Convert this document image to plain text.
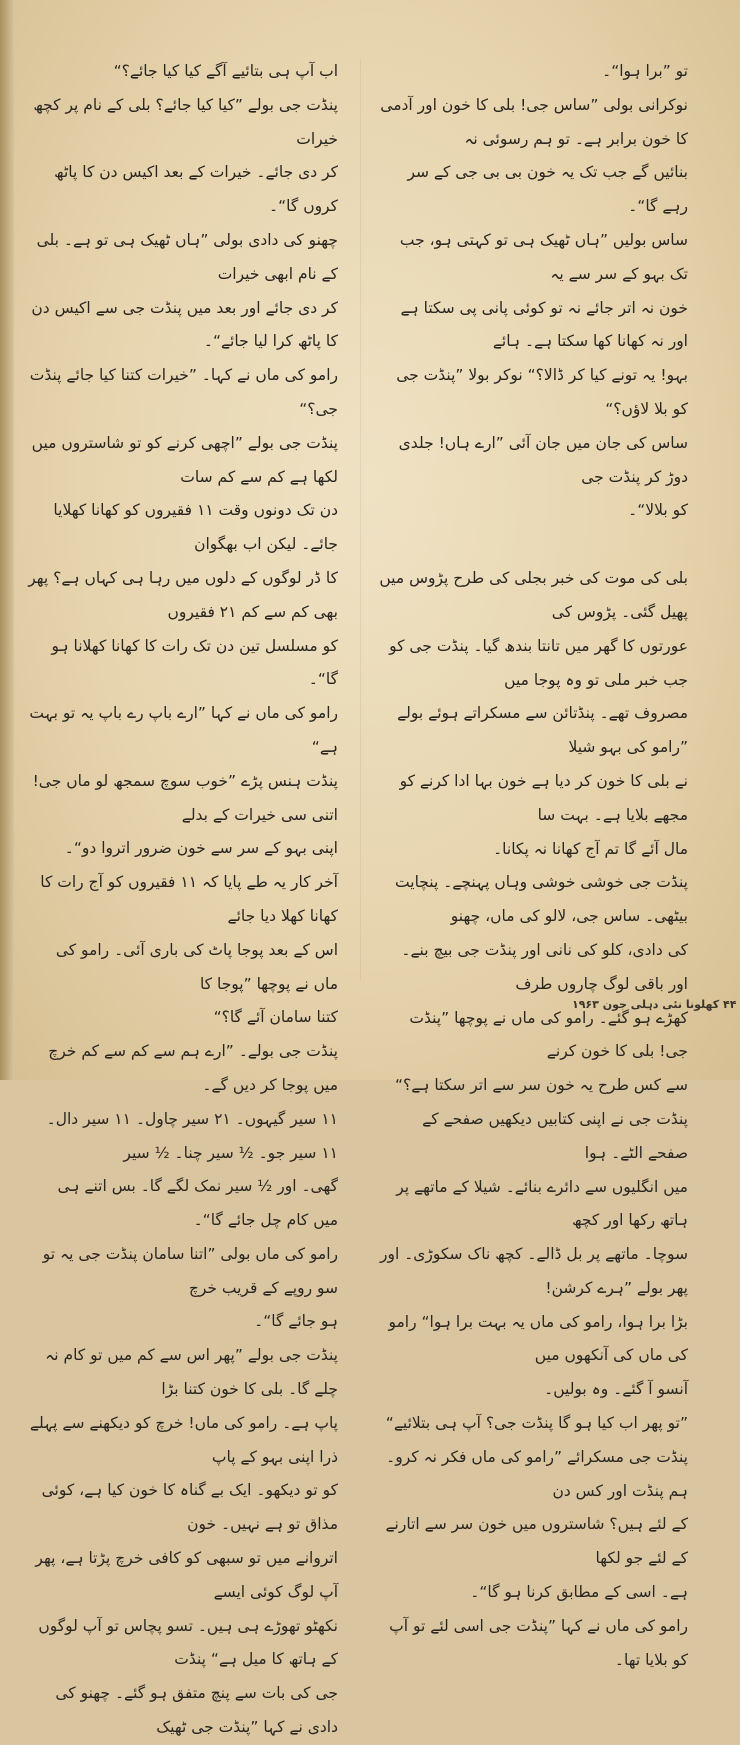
تو ”برا ہوا“۔

نوکرانی بولی ”ساس جی! بلی کا خون اور آدمی کا خون برابر ہے۔ تو ہم رسوئی نہ

بنائیں گے جب تک یہ خون بی بی جی کے سر رہے گا“۔

ساس بولیں ”ہاں ٹھیک ہی تو کہتی ہو، جب تک بہو کے سر سے یہ

خون نہ اتر جائے نہ تو کوئی پانی پی سکتا ہے اور نہ کھانا کھا سکتا ہے۔ ہائے

بہو! یہ تونے کیا کر ڈالا؟“ نوکر بولا ”پنڈت جی کو بلا لاؤں؟“

ساس کی جان میں جان آئی ”ارے ہاں! جلدی دوڑ کر پنڈت جی

کو بلالا“۔

بلی کی موت کی خبر بجلی کی طرح پڑوس میں پھیل گئی۔ پڑوس کی

عورتوں کا گھر میں تانتا بندھ گیا۔ پنڈت جی کو جب خبر ملی تو وہ پوجا میں

مصروف تھے۔ پنڈتائن سے مسکراتے ہوئے بولے ”رامو کی بہو شیلا

نے بلی کا خون کر دیا ہے خون بہا ادا کرنے کو مجھے بلایا ہے۔ بہت سا

مال آئے گا تم آج کھانا نہ پکانا۔

پنڈت جی خوشی خوشی وہاں پہنچے۔ پنچایت بیٹھی۔ ساس جی، لالو کی ماں، چھنو

کی دادی، کلو کی نانی اور پنڈت جی بیچ بنے۔ اور باقی لوگ چاروں طرف

کھڑے ہو گئے۔ رامو کی ماں نے پوچھا ”پنڈت جی! بلی کا خون کرنے

سے کس طرح یہ خون سر سے اتر سکتا ہے؟“

پنڈت جی نے اپنی کتابیں دیکھیں صفحے کے صفحے الٹے۔ ہوا

میں انگلیوں سے دائرے بنائے۔ شیلا کے ماتھے پر ہاتھ رکھا اور کچھ

سوچا۔ ماتھے پر بل ڈالے۔ کچھ ناک سکوڑی۔ اور پھر بولے ”ہرے کرشن!

بڑا برا ہوا، رامو کی ماں یہ بہت برا ہوا“ رامو کی ماں کی آنکھوں میں

آنسو آ گئے۔ وہ بولیں۔

”تو پھر اب کیا ہو گا پنڈت جی؟ آپ ہی بتلائیے“

پنڈت جی مسکرائے ”رامو کی ماں فکر نہ کرو۔ ہم پنڈت اور کس دن

کے لئے ہیں؟ شاستروں میں خون سر سے اتارنے کے لئے جو لکھا

ہے۔ اسی کے مطابق کرنا ہو گا“۔

رامو کی ماں نے کہا ”پنڈت جی اسی لئے تو آپ کو بلایا تھا۔

اب آپ ہی بتائیے آگے کیا کیا جائے؟“

پنڈت جی بولے ”کیا کیا جائے؟ بلی کے نام پر کچھ خیرات

کر دی جائے۔ خیرات کے بعد اکیس دن کا پاٹھ کروں گا“۔

چھنو کی دادی بولی ”ہاں ٹھیک ہی تو ہے۔ بلی کے نام ابھی خیرات

کر دی جائے اور بعد میں پنڈت جی سے اکیس دن کا پاٹھ کرا لیا جائے“۔

رامو کی ماں نے کہا۔ ”خیرات کتنا کیا جائے پنڈت جی؟“

پنڈت جی بولے ”اچھی کرنے کو تو شاستروں میں لکھا ہے کم سے کم سات

دن تک دونوں وقت ۱۱ فقیروں کو کھانا کھلایا جائے۔ لیکن اب بھگوان

کا ڈر لوگوں کے دلوں میں رہا ہی کہاں ہے؟ پھر بھی کم سے کم ۲۱ فقیروں

کو مسلسل تین دن تک رات کا کھانا کھلانا ہو گا“۔

رامو کی ماں نے کہا ”ارے باپ رے باپ یہ تو بہت ہے“

پنڈت ہنس پڑے ”خوب سوچ سمجھ لو ماں جی! اتنی سی خیرات کے بدلے

اپنی بہو کے سر سے خون ضرور اتروا دو“۔

آخر کار یہ طے پایا کہ ۱۱ فقیروں کو آج رات کا کھانا کھلا دیا جائے

اس کے بعد پوجا پاٹ کی باری آئی۔ رامو کی ماں نے پوچھا ”پوجا کا

کتنا سامان آئے گا؟“

پنڈت جی بولے۔ ”ارے ہم سے کم سے کم خرچ میں پوجا کر دیں گے۔

۱۱ سیر گیہوں۔ ۲۱ سیر چاول۔ ۱۱ سیر دال۔ ۱۱ سیر جو۔ ½ سیر چنا۔ ½ سیر

گھی۔ اور ½ سیر نمک لگے گا۔ بس اتنے ہی میں کام چل جائے گا“۔

رامو کی ماں بولی ”اتنا سامان پنڈت جی یہ تو سو روپے کے قریب خرچ

ہو جائے گا“۔

پنڈت جی بولے ”پھر اس سے کم میں تو کام نہ چلے گا۔ بلی کا خون کتنا بڑا

پاپ ہے۔ رامو کی ماں! خرچ کو دیکھنے سے پہلے ذرا اپنی بہو کے پاپ

کو تو دیکھو۔ ایک بے گناہ کا خون کیا ہے، کوئی مذاق تو ہے نہیں۔ خون

اتروانے میں تو سبھی کو کافی خرچ پڑتا ہے، پھر آپ لوگ کوئی ایسے

نکھٹو تھوڑے ہی ہیں۔ تسو پچاس تو آپ لوگوں کے ہاتھ کا میل ہے“ پنڈت

جی کی بات سے پنچ متفق ہو گئے۔ چھنو کی دادی نے کہا ”پنڈت جی ٹھیک

۴۴ کھلونا نئی دہلی جون ۱۹۶۳
